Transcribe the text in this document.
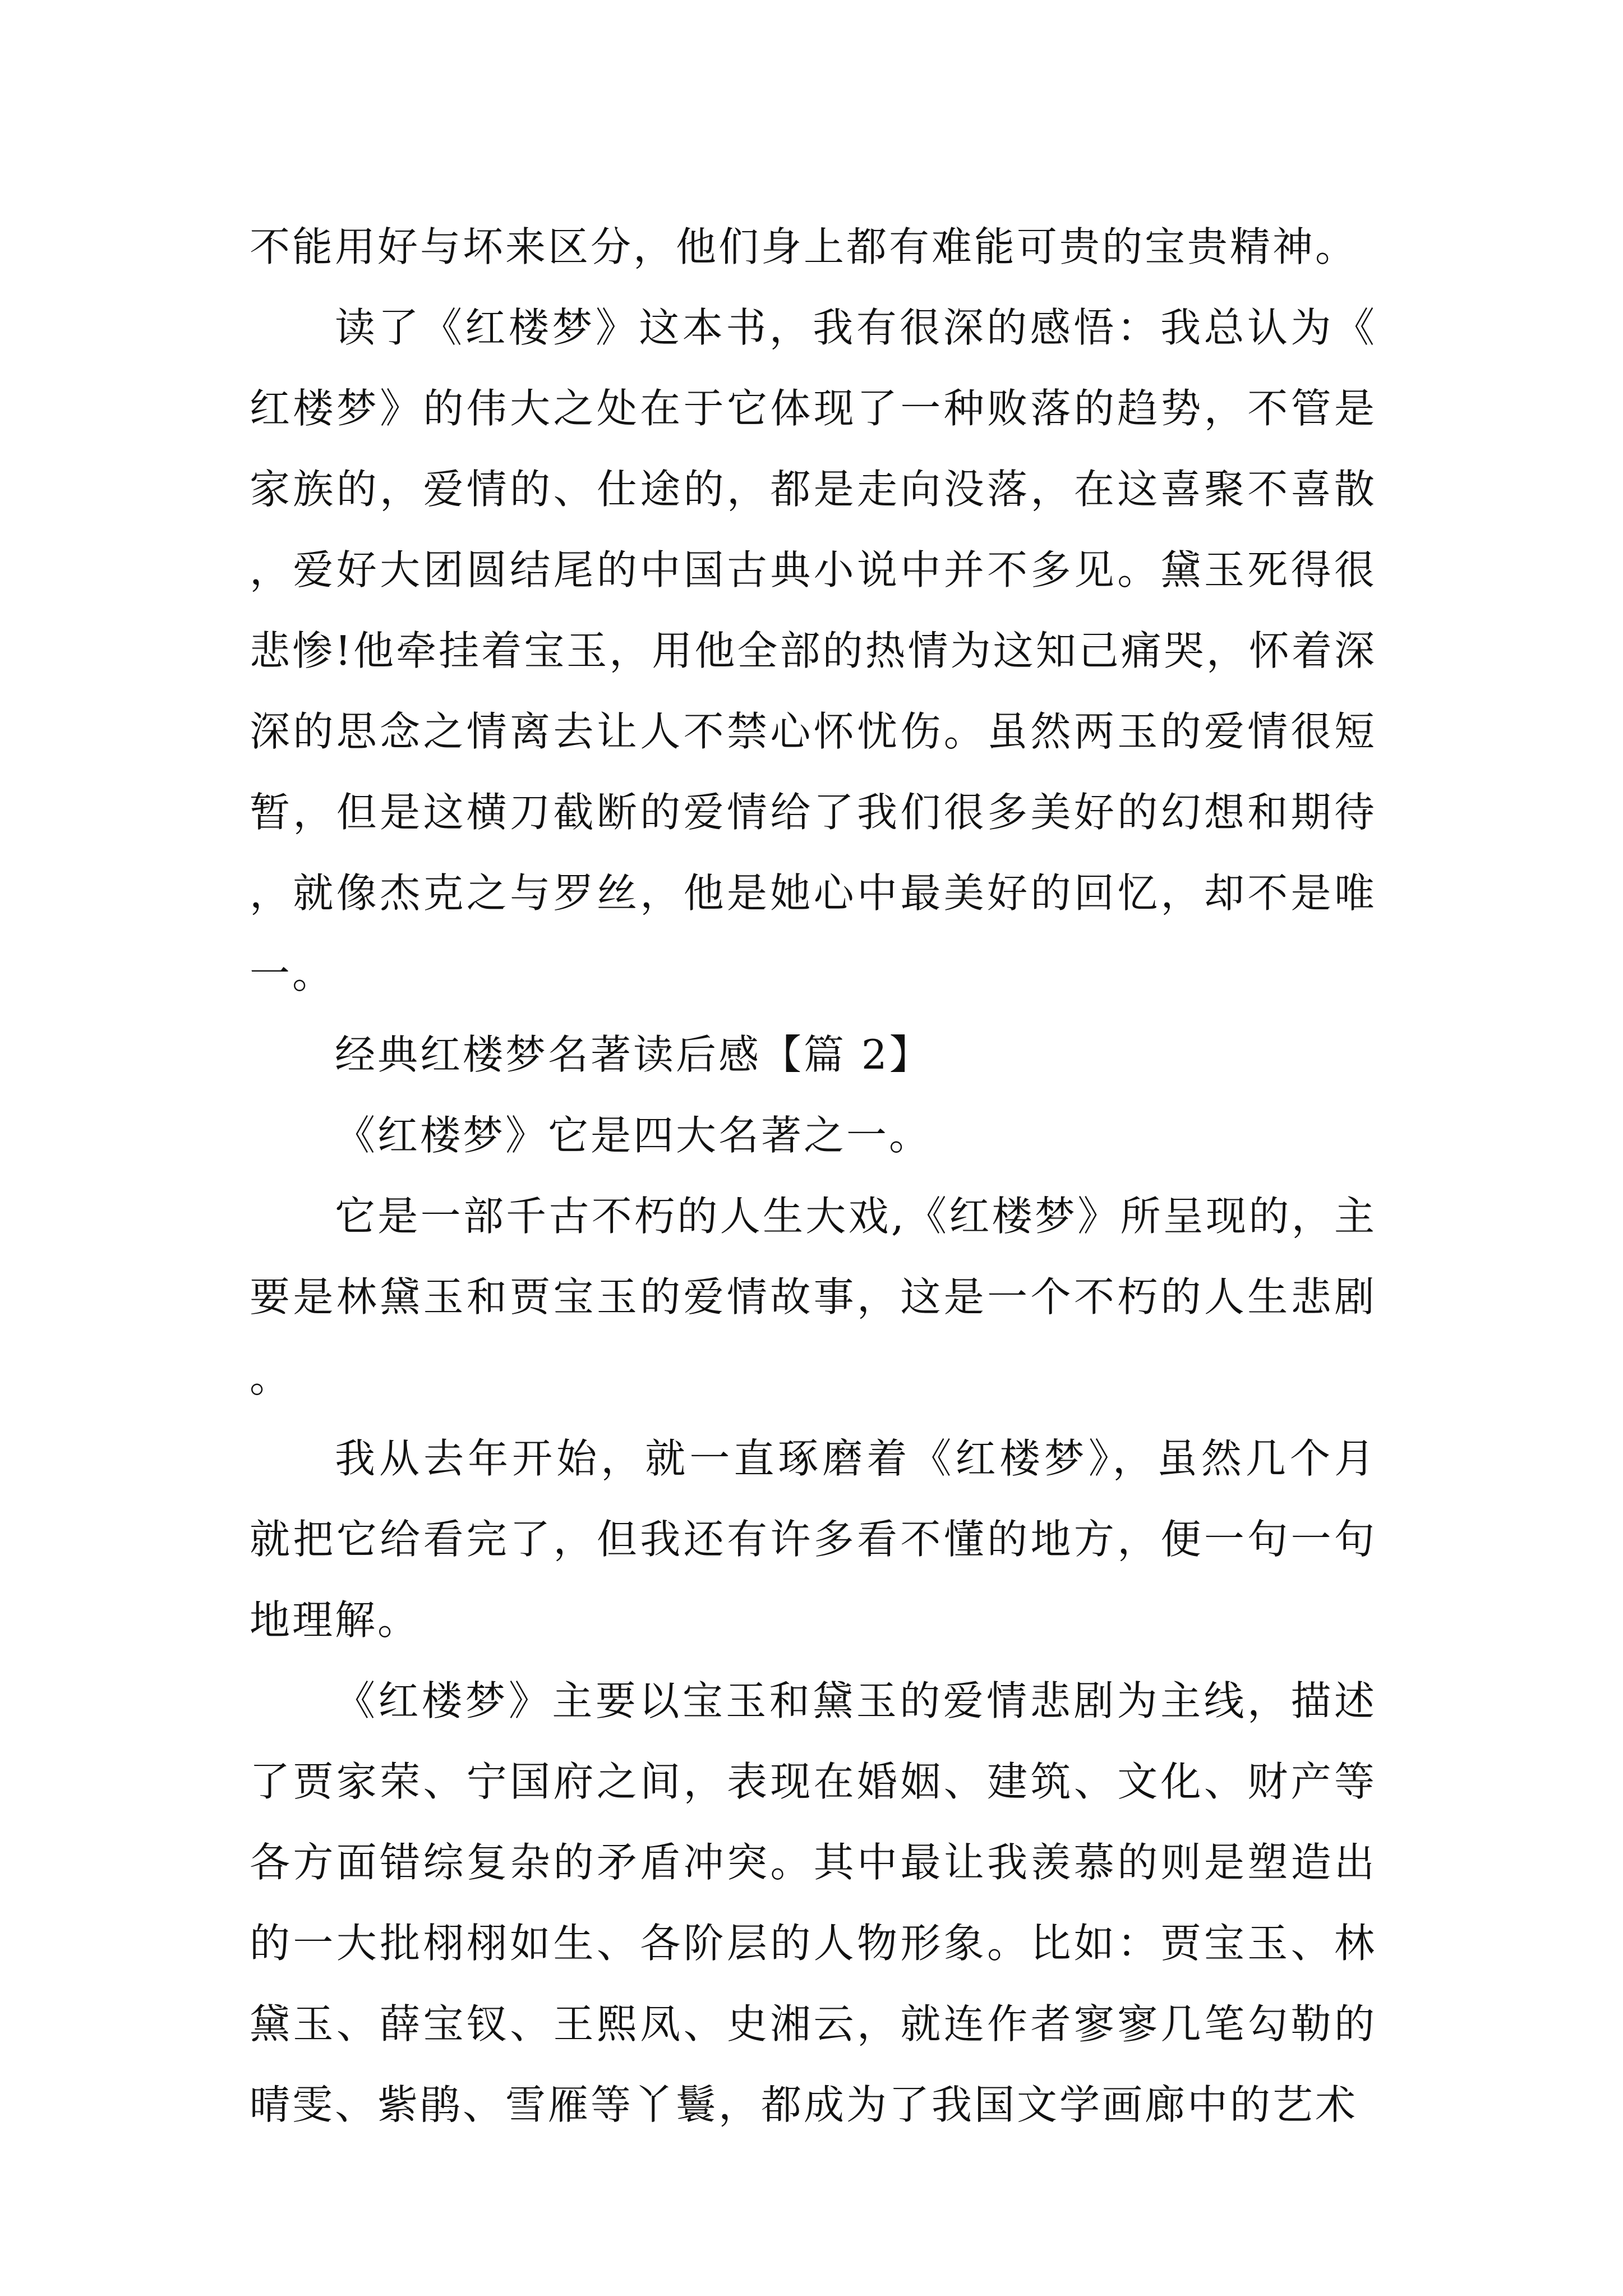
不能用好与坏来区分，他们身上都有难能可贵的宝贵精神。

读了《红楼梦》这本书，我有很深的感悟：我总认为《红楼梦》的伟大之处在于它体现了一种败落的趋势，不管是家族的，爱情的、仕途的，都是走向没落，在这喜聚不喜散，爱好大团圆结尾的中国古典小说中并不多见。黛玉死得很悲惨!他牵挂着宝玉，用他全部的热情为这知己痛哭，怀着深深的思念之情离去让人不禁心怀忧伤。虽然两玉的爱情很短暂，但是这横刀截断的爱情给了我们很多美好的幻想和期待，就像杰克之与罗丝，他是她心中最美好的回忆，却不是唯一。

经典红楼梦名著读后感【篇 2】

《红楼梦》它是四大名著之一。

它是一部千古不朽的人生大戏,《红楼梦》所呈现的，主要是林黛玉和贾宝玉的爱情故事，这是一个不朽的人生悲剧。

我从去年开始，就一直琢磨着《红楼梦》，虽然几个月就把它给看完了，但我还有许多看不懂的地方，便一句一句地理解。

《红楼梦》主要以宝玉和黛玉的爱情悲剧为主线，描述了贾家荣、宁国府之间，表现在婚姻、建筑、文化、财产等各方面错综复杂的矛盾冲突。其中最让我羡慕的则是塑造出的一大批栩栩如生、各阶层的人物形象。比如：贾宝玉、林黛玉、薛宝钗、王熙凤、史湘云，就连作者寥寥几笔勾勒的晴雯、紫鹃、雪雁等丫鬟，都成为了我国文学画廊中的艺术
